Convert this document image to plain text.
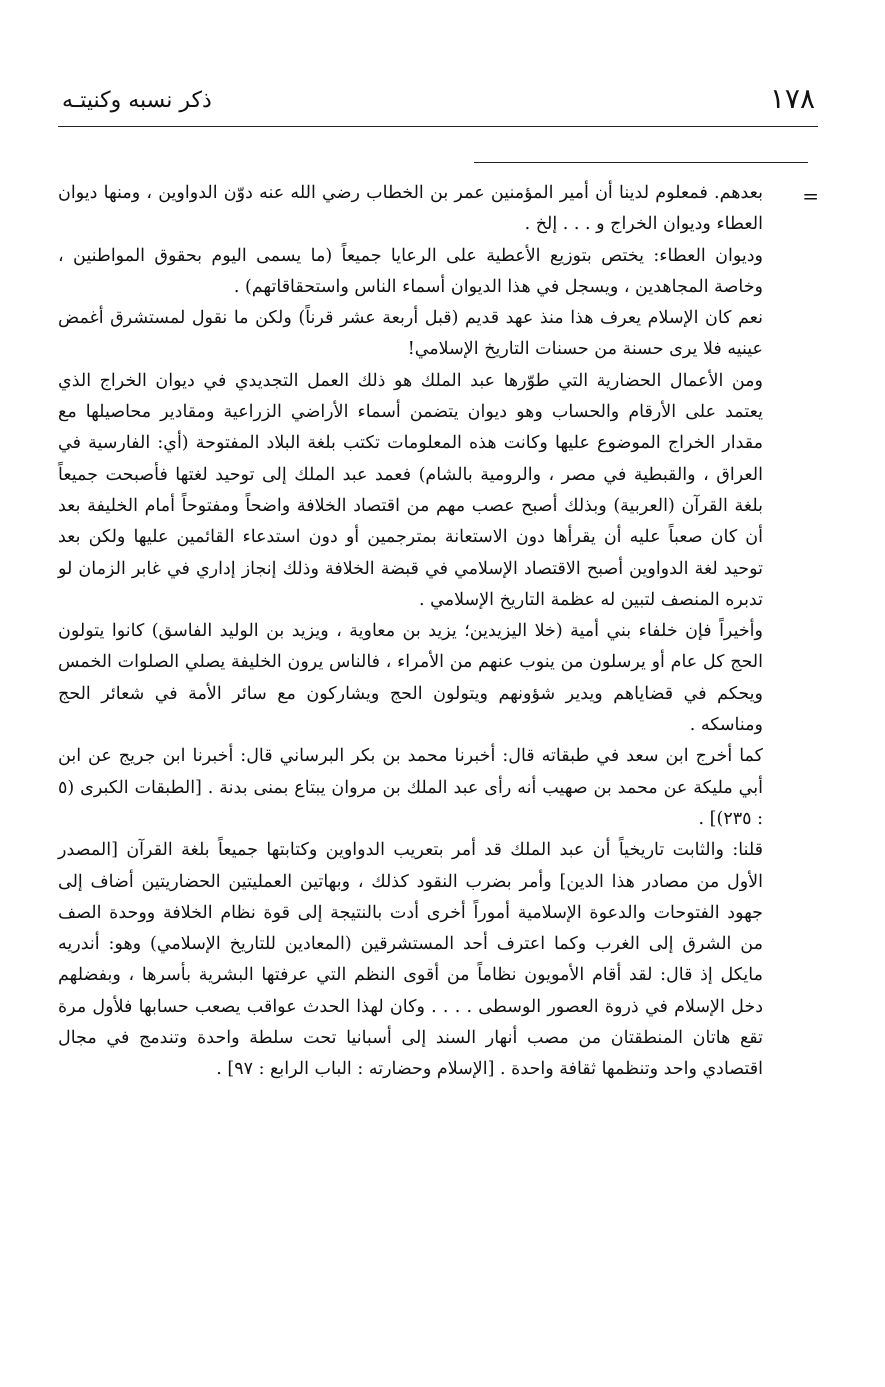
١٧٨
ذكر نسبه وكنيتـه
=

بعدهم. فمعلوم لدينا أن أمير المؤمنين عمر بن الخطاب رضي الله عنه دوّن الدواوين ، ومنها ديوان العطاء وديوان الخراج و . . . إلخ .

وديوان العطاء: يختص بتوزيع الأعطية على الرعايا جميعاً (ما يسمى اليوم بحقوق المواطنين ، وخاصة المجاهدين ، ويسجل في هذا الديوان أسماء الناس واستحقاقاتهم) .

نعم كان الإسلام يعرف هذا منذ عهد قديم (قبل أربعة عشر قرناً) ولكن ما نقول لمستشرق أغمض عينيه فلا يرى حسنة من حسنات التاريخ الإسلامي!

ومن الأعمال الحضارية التي طوّرها عبد الملك هو ذلك العمل التجديدي في ديوان الخراج الذي يعتمد على الأرقام والحساب وهو ديوان يتضمن أسماء الأراضي الزراعية ومقادير محاصيلها مع مقدار الخراج الموضوع عليها وكانت هذه المعلومات تكتب بلغة البلاد المفتوحة (أي: الفارسية في العراق ، والقبطية في مصر ، والرومية بالشام) فعمد عبد الملك إلى توحيد لغتها فأصبحت جميعاً بلغة القرآن (العربية) وبذلك أصبح عصب مهم من اقتصاد الخلافة واضحاً ومفتوحاً أمام الخليفة بعد أن كان صعباً عليه أن يقرأها دون الاستعانة بمترجمين أو دون استدعاء القائمين عليها ولكن بعد توحيد لغة الدواوين أصبح الاقتصاد الإسلامي في قبضة الخلافة وذلك إنجاز إداري في غابر الزمان لو تدبره المنصف لتبين له عظمة التاريخ الإسلامي .

وأخيراً فإن خلفاء بني أمية (خلا اليزيدين؛ يزيد بن معاوية ، ويزيد بن الوليد الفاسق) كانوا يتولون الحج كل عام أو يرسلون من ينوب عنهم من الأمراء ، فالناس يرون الخليفة يصلي الصلوات الخمس ويحكم في قضاياهم ويدير شؤونهم ويتولون الحج ويشاركون مع سائر الأمة في شعائر الحج ومناسكه .

كما أخرج ابن سعد في طبقاته قال: أخبرنا محمد بن بكر البرساني قال: أخبرنا ابن جريج عن ابن أبي مليكة عن محمد بن صهيب أنه رأى عبد الملك بن مروان يبتاع بمنى بدنة . [الطبقات الكبرى (٥ : ٢٣٥)] .

قلنا: والثابت تاريخياً أن عبد الملك قد أمر بتعريب الدواوين وكتابتها جميعاً بلغة القرآن [المصدر الأول من مصادر هذا الدين] وأمر بضرب النقود كذلك ، وبهاتين العمليتين الحضاريتين أضاف إلى جهود الفتوحات والدعوة الإسلامية أموراً أخرى أدت بالنتيجة إلى قوة نظام الخلافة ووحدة الصف من الشرق إلى الغرب وكما اعترف أحد المستشرقين (المعادين للتاريخ الإسلامي) وهو: أندريه مايكل إذ قال: لقد أقام الأمويون نظاماً من أقوى النظم التي عرفتها البشرية بأسرها ، وبفضلهم دخل الإسلام في ذروة العصور الوسطى . . . . وكان لهذا الحدث عواقب يصعب حسابها فلأول مرة تقع هاتان المنطقتان من مصب أنهار السند إلى أسبانيا تحت سلطة واحدة وتندمج في مجال اقتصادي واحد وتنظمها ثقافة واحدة . [الإسلام وحضارته : الباب الرابع : ٩٧] .
